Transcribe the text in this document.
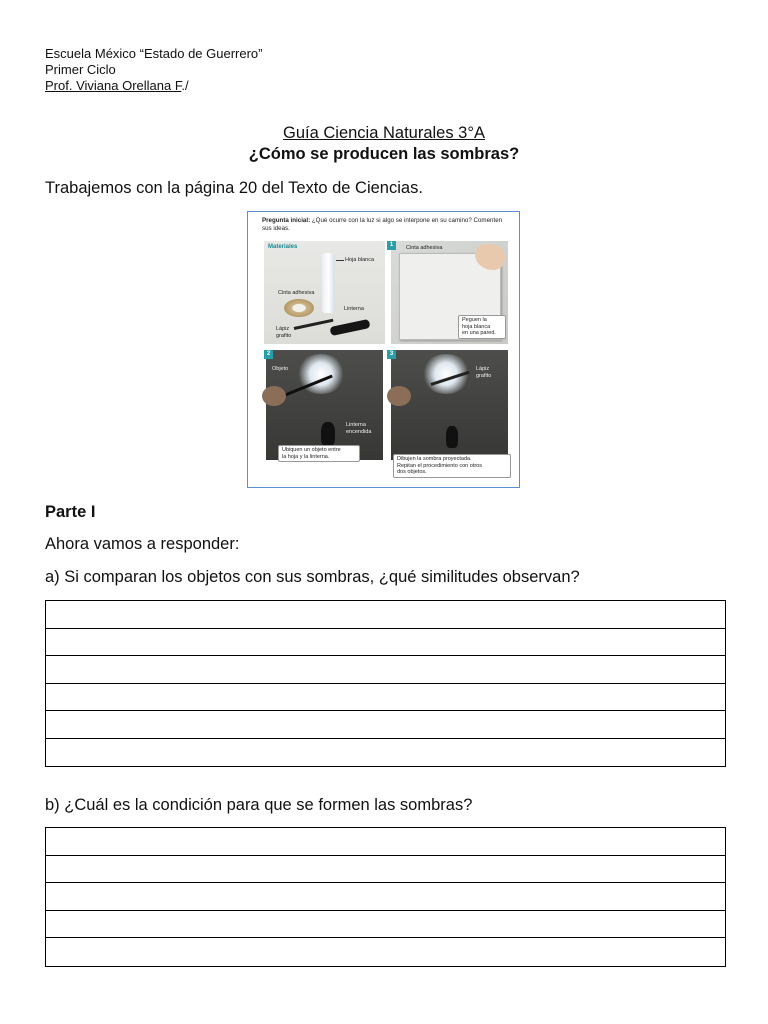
Escuela México “Estado de Guerrero”
Primer Ciclo
Prof. Viviana Orellana F./
Guía Ciencia Naturales 3°A
¿Cómo se producen las sombras?
Trabajemos con la página 20 del Texto de Ciencias.
Pregunta inicial: ¿Qué ocurre con la luz si algo se interpone en su camino? Comenten sus ideas.
Materiales
Hoja blanca
Cinta adhesiva
Linterna
Lápiz
grafito
Cinta adhesiva
Peguen la
hoja blanca
en una pared.
1
Objeto
Linterna
encendida
Ubiquen un objeto entre
la hoja y la linterna.
2
Lápiz
grafito
Dibujen la sombra proyectada.
Repitan el procedimiento con otros
dos objetos.
3
Parte I
Ahora vamos a responder:
a) Si comparan los objetos con sus sombras, ¿qué similitudes observan?
b) ¿Cuál es la condición para que se formen las sombras?
